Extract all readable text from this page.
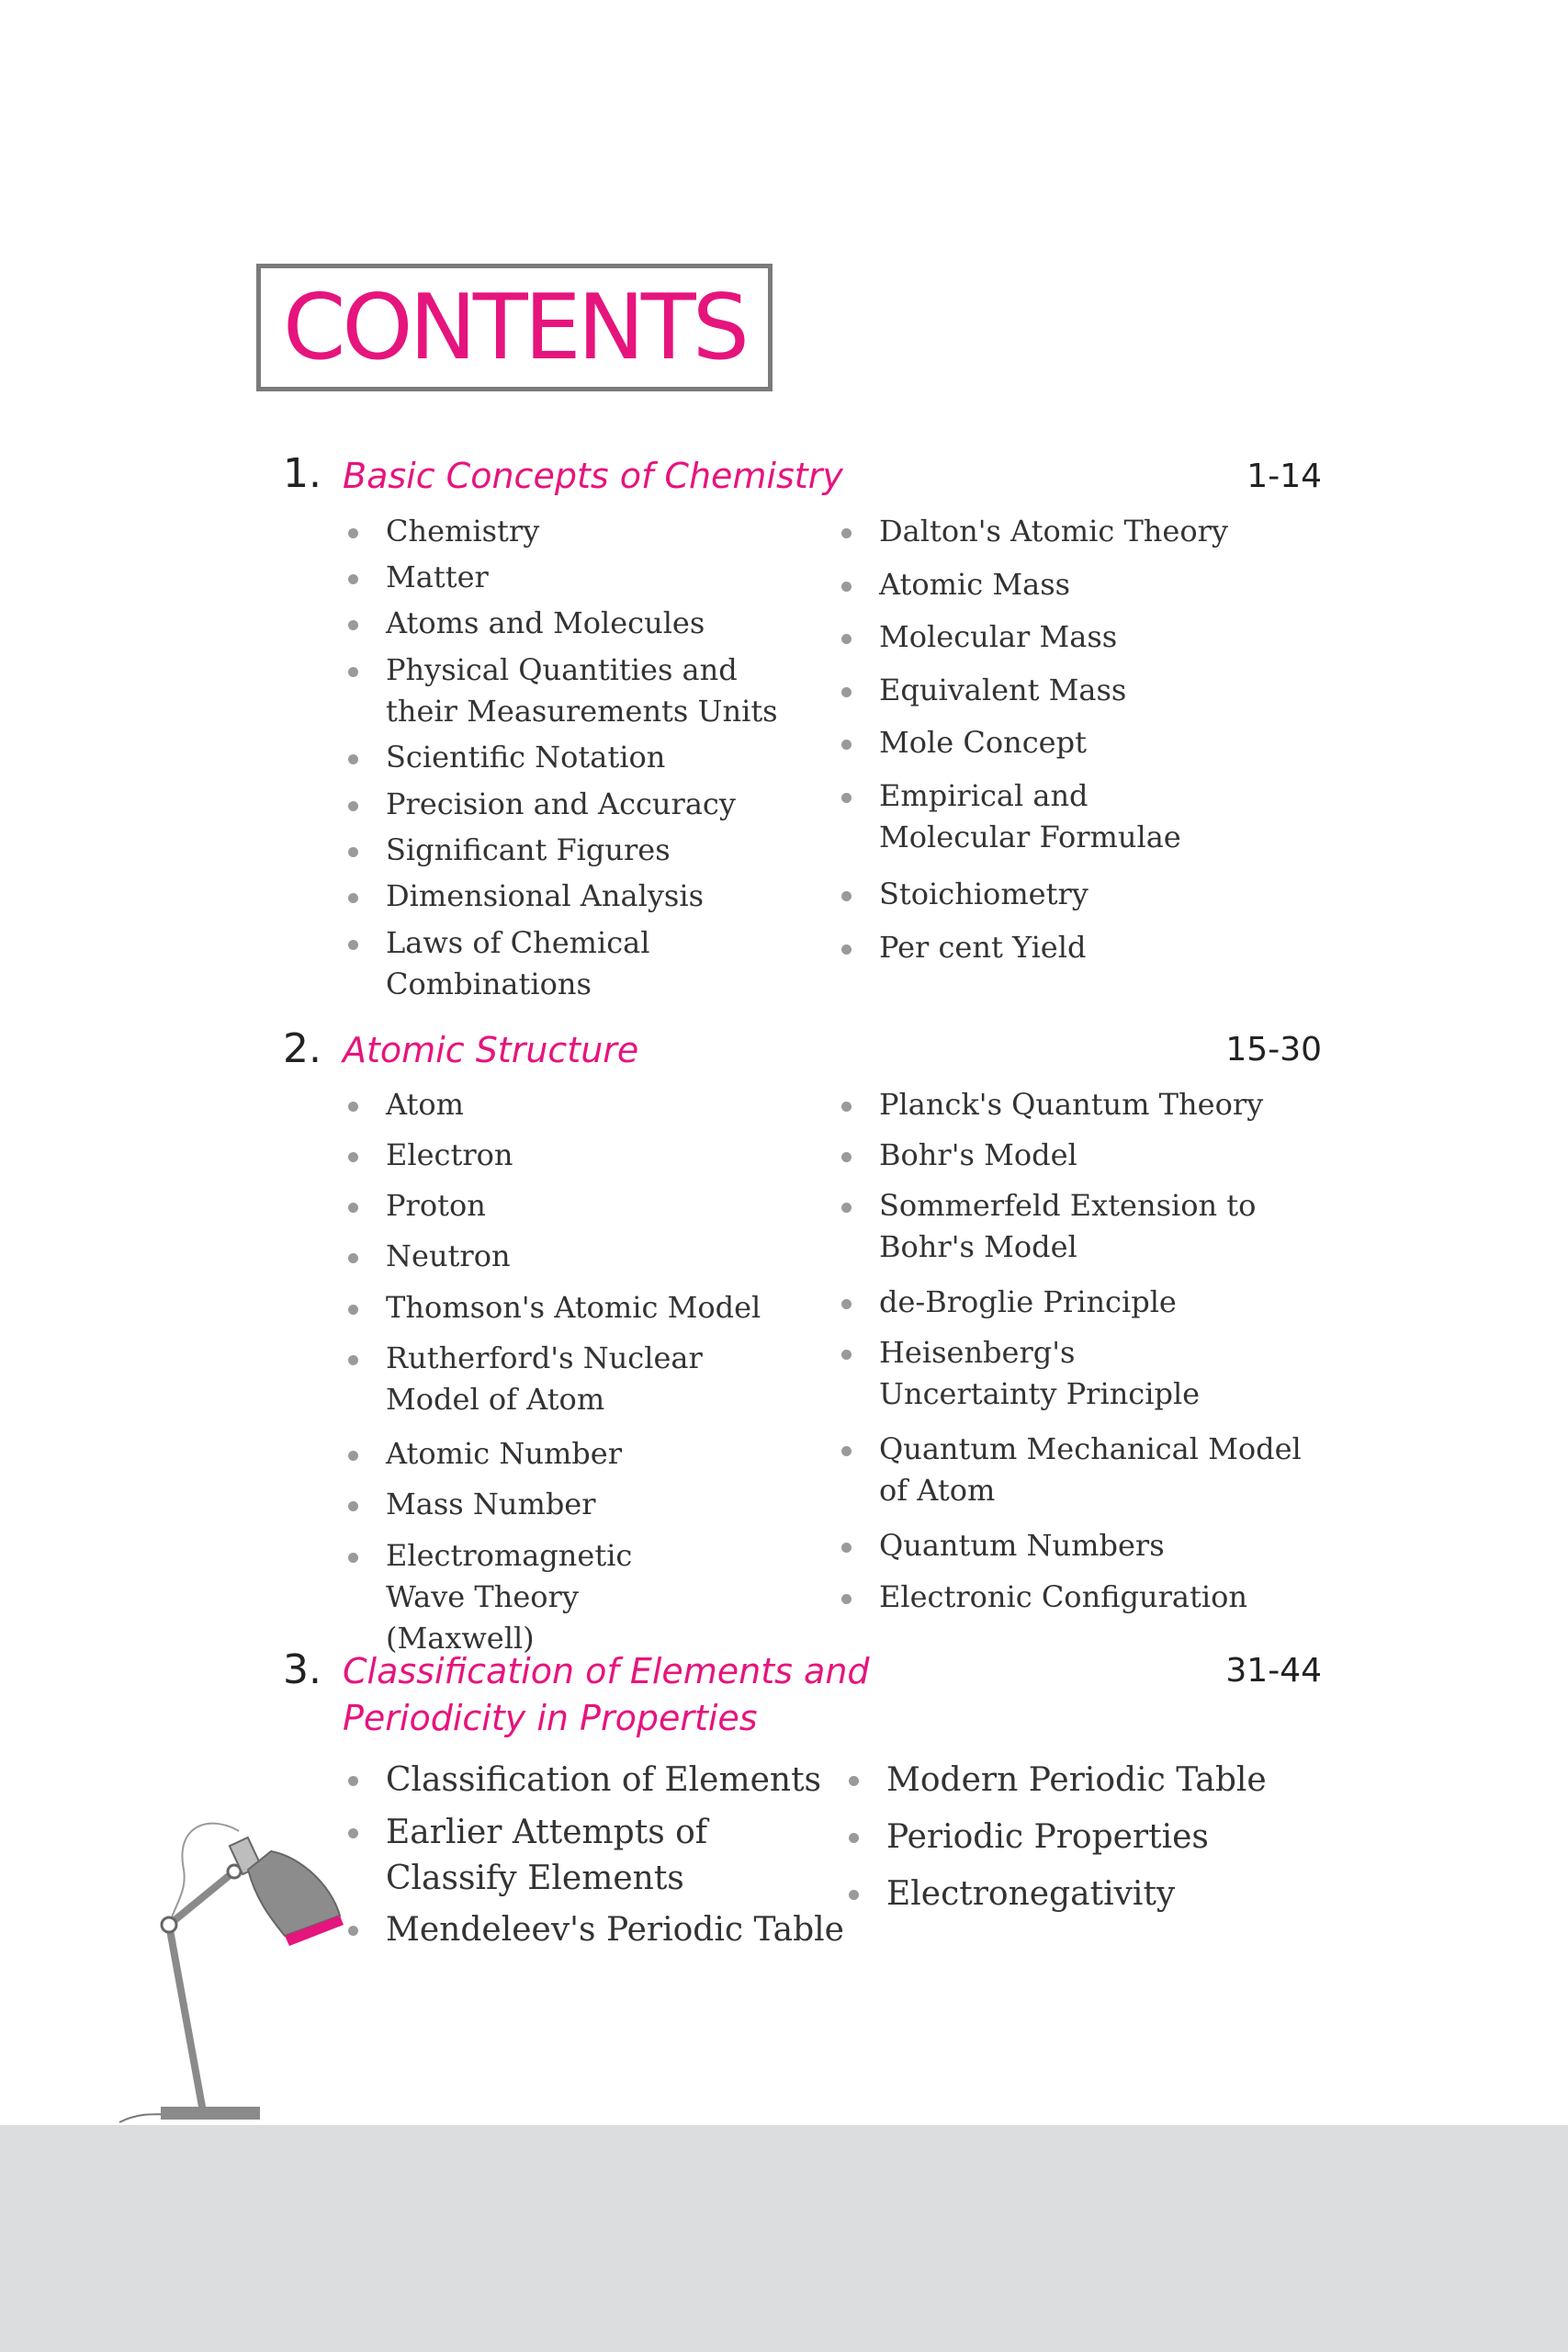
CONTENTS
1. Basic Concepts of Chemistry	1-14
Chemistry
Matter
Atoms and Molecules
Physical Quantities and their Measurements Units
Scientific Notation
Precision and Accuracy
Significant Figures
Dimensional Analysis
Laws of Chemical Combinations
Dalton's Atomic Theory
Atomic Mass
Molecular Mass
Equivalent Mass
Mole Concept
Empirical and Molecular Formulae
Stoichiometry
Per cent Yield
2. Atomic Structure	15-30
Atom
Electron
Proton
Neutron
Thomson's Atomic Model
Rutherford's Nuclear Model of Atom
Atomic Number
Mass Number
Electromagnetic Wave Theory (Maxwell)
Planck's Quantum Theory
Bohr's Model
Sommerfeld Extension to Bohr's Model
de-Broglie Principle
Heisenberg's Uncertainty Principle
Quantum Mechanical Model of Atom
Quantum Numbers
Electronic Configuration
3. Classification of Elements and Periodicity in Properties
31-44
Classification of Elements
Earlier Attempts of Classify Elements
Mendeleev's Periodic Table
Modern Periodic Table
Periodic Properties
Electronegativity
